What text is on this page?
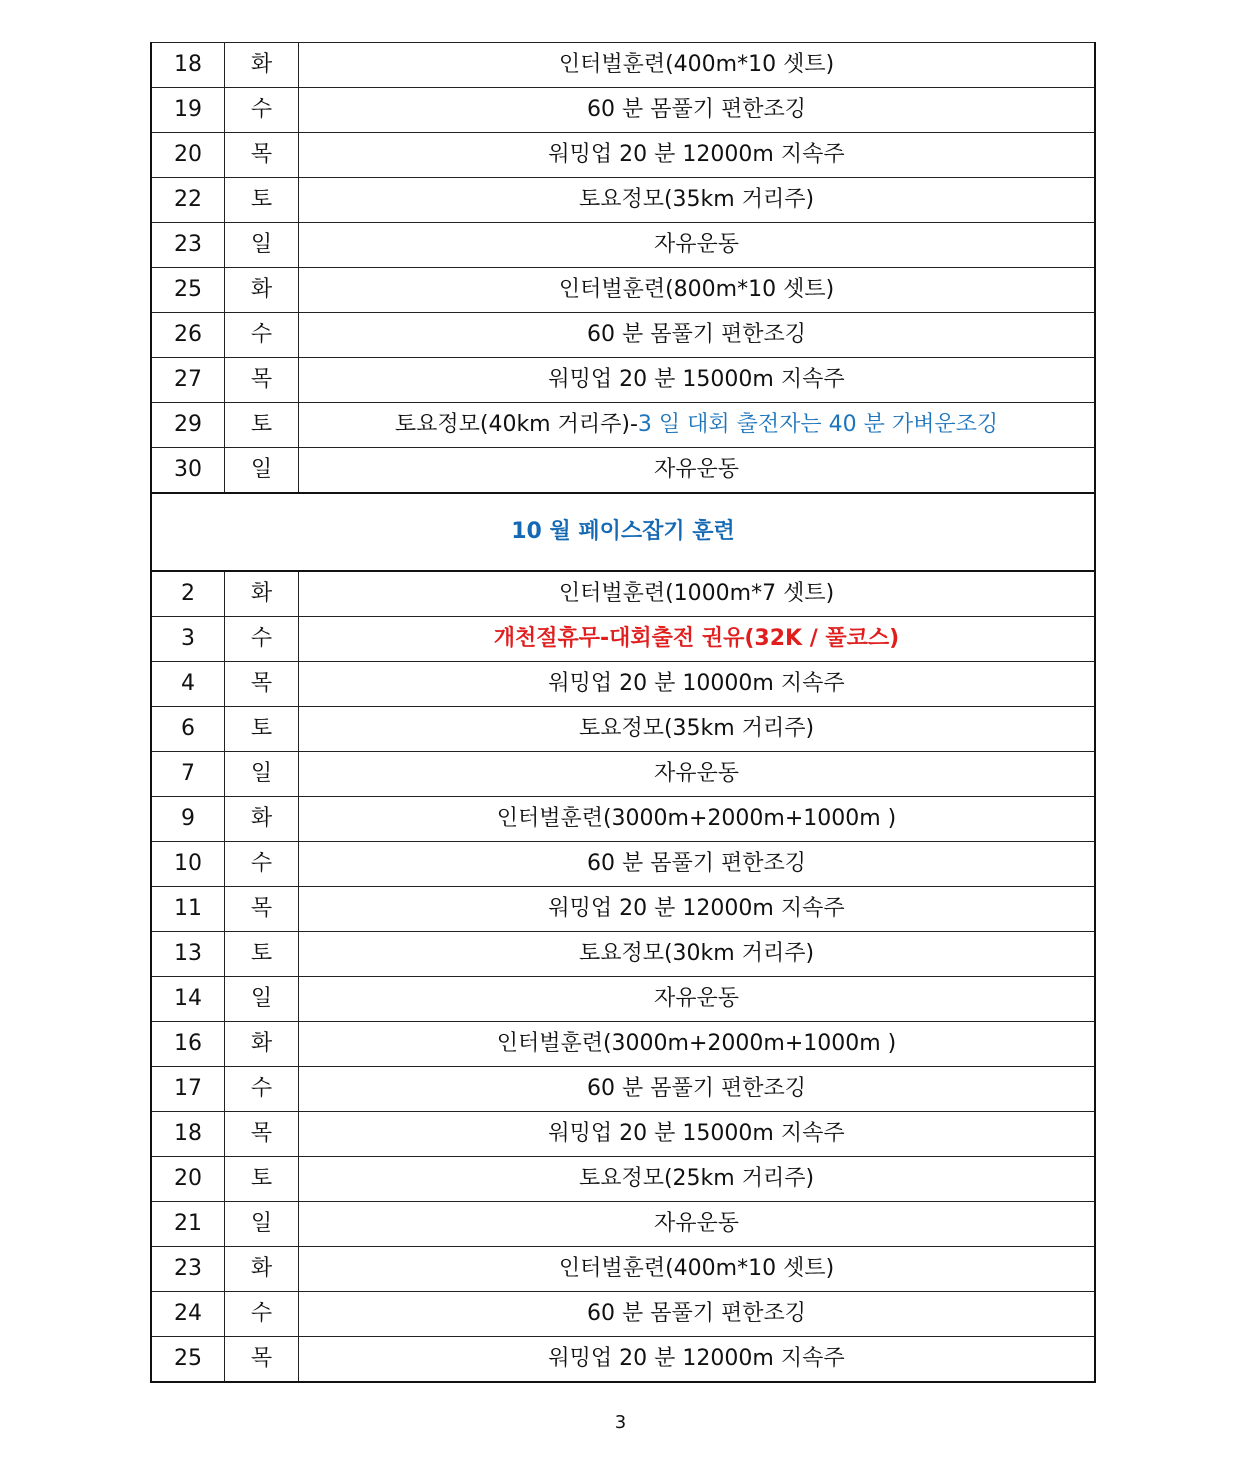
18	화	인터벌훈련(400m*10 셋트)
19	수	60 분 몸풀기 편한조깅
20	목	워밍업 20 분 12000m 지속주
22	토	토요정모(35km 거리주)
23	일	자유운동
25	화	인터벌훈련(800m*10 셋트)
26	수	60 분 몸풀기 편한조깅
27	목	워밍업 20 분 15000m 지속주
29	토	토요정모(40km 거리주)-3 일 대회 출전자는 40 분 가벼운조깅
30	일	자유운동
10 월 페이스잡기 훈련		
2	화	인터벌훈련(1000m*7 셋트)
3	수	개천절휴무-대회출전 권유(32K / 풀코스)
4	목	워밍업 20 분 10000m 지속주
6	토	토요정모(35km 거리주)
7	일	자유운동
9	화	인터벌훈련(3000m+2000m+1000m )
10	수	60 분 몸풀기 편한조깅
11	목	워밍업 20 분 12000m 지속주
13	토	토요정모(30km 거리주)
14	일	자유운동
16	화	인터벌훈련(3000m+2000m+1000m )
17	수	60 분 몸풀기 편한조깅
18	목	워밍업 20 분 15000m 지속주
20	토	토요정모(25km 거리주)
21	일	자유운동
23	화	인터벌훈련(400m*10 셋트)
24	수	60 분 몸풀기 편한조깅
25	목	워밍업 20 분 12000m 지속주
3
